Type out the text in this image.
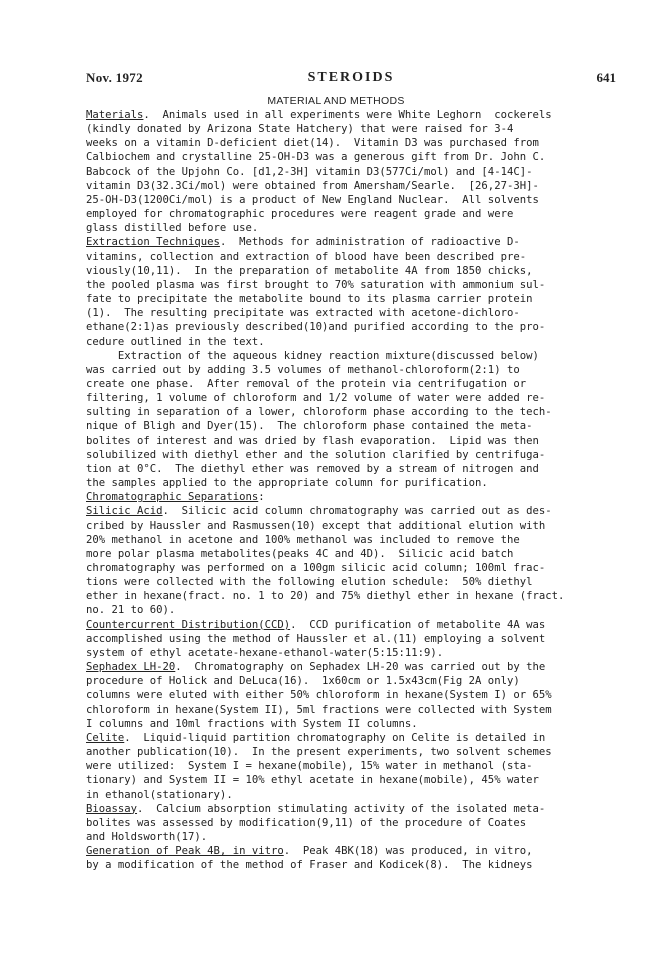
Nov. 1972	STEROIDS	641
MATERIAL AND METHODS
Materials.  Animals used in all experiments were White Leghorn  cockerels
(kindly donated by Arizona State Hatchery) that were raised for 3-4
weeks on a vitamin D-deficient diet(14).  Vitamin D3 was purchased from
Calbiochem and crystalline 25-OH-D3 was a generous gift from Dr. John C.
Babcock of the Upjohn Co. [d1,2-3H] vitamin D3(577Ci/mol) and [4-14C]-
vitamin D3(32.3Ci/mol) were obtained from Amersham/Searle.  [26,27-3H]-
25-OH-D3(1200Ci/mol) is a product of New England Nuclear.  All solvents
employed for chromatographic procedures were reagent grade and were
glass distilled before use.
Extraction Techniques.  Methods for administration of radioactive D-
vitamins, collection and extraction of blood have been described pre-
viously(10,11).  In the preparation of metabolite 4A from 1850 chicks,
the pooled plasma was first brought to 70% saturation with ammonium sul-
fate to precipitate the metabolite bound to its plasma carrier protein
(1).  The resulting precipitate was extracted with acetone-dichloro-
ethane(2:1)as previously described(10)and purified according to the pro-
cedure outlined in the text.
Extraction of the aqueous kidney reaction mixture(discussed below)
was carried out by adding 3.5 volumes of methanol-chloroform(2:1) to
create one phase.  After removal of the protein via centrifugation or
filtering, 1 volume of chloroform and 1/2 volume of water were added re-
sulting in separation of a lower, chloroform phase according to the tech-
nique of Bligh and Dyer(15).  The chloroform phase contained the meta-
bolites of interest and was dried by flash evaporation.  Lipid was then
solubilized with diethyl ether and the solution clarified by centrifuga-
tion at 0°C.  The diethyl ether was removed by a stream of nitrogen and
the samples applied to the appropriate column for purification.
Chromatographic Separations:
Silicic Acid.  Silicic acid column chromatography was carried out as des-
cribed by Haussler and Rasmussen(10) except that additional elution with
20% methanol in acetone and 100% methanol was included to remove the
more polar plasma metabolites(peaks 4C and 4D).  Silicic acid batch
chromatography was performed on a 100gm silicic acid column; 100ml frac-
tions were collected with the following elution schedule:  50% diethyl
ether in hexane(fract. no. 1 to 20) and 75% diethyl ether in hexane (fract.
no. 21 to 60).
Countercurrent Distribution(CCD).  CCD purification of metabolite 4A was
accomplished using the method of Haussler et al.(11) employing a solvent
system of ethyl acetate-hexane-ethanol-water(5:15:11:9).
Sephadex LH-20.  Chromatography on Sephadex LH-20 was carried out by the
procedure of Holick and DeLuca(16).  1x60cm or 1.5x43cm(Fig 2A only)
columns were eluted with either 50% chloroform in hexane(System I) or 65%
chloroform in hexane(System II), 5ml fractions were collected with System
I columns and 10ml fractions with System II columns.
Celite.  Liquid-liquid partition chromatography on Celite is detailed in
another publication(10).  In the present experiments, two solvent schemes
were utilized:  System I = hexane(mobile), 15% water in methanol (sta-
tionary) and System II = 10% ethyl acetate in hexane(mobile), 45% water
in ethanol(stationary).
Bioassay.  Calcium absorption stimulating activity of the isolated meta-
bolites was assessed by modification(9,11) of the procedure of Coates
and Holdsworth(17).
Generation of Peak 4B, in vitro.  Peak 4BK(18) was produced, in vitro,
by a modification of the method of Fraser and Kodicek(8).  The kidneys
